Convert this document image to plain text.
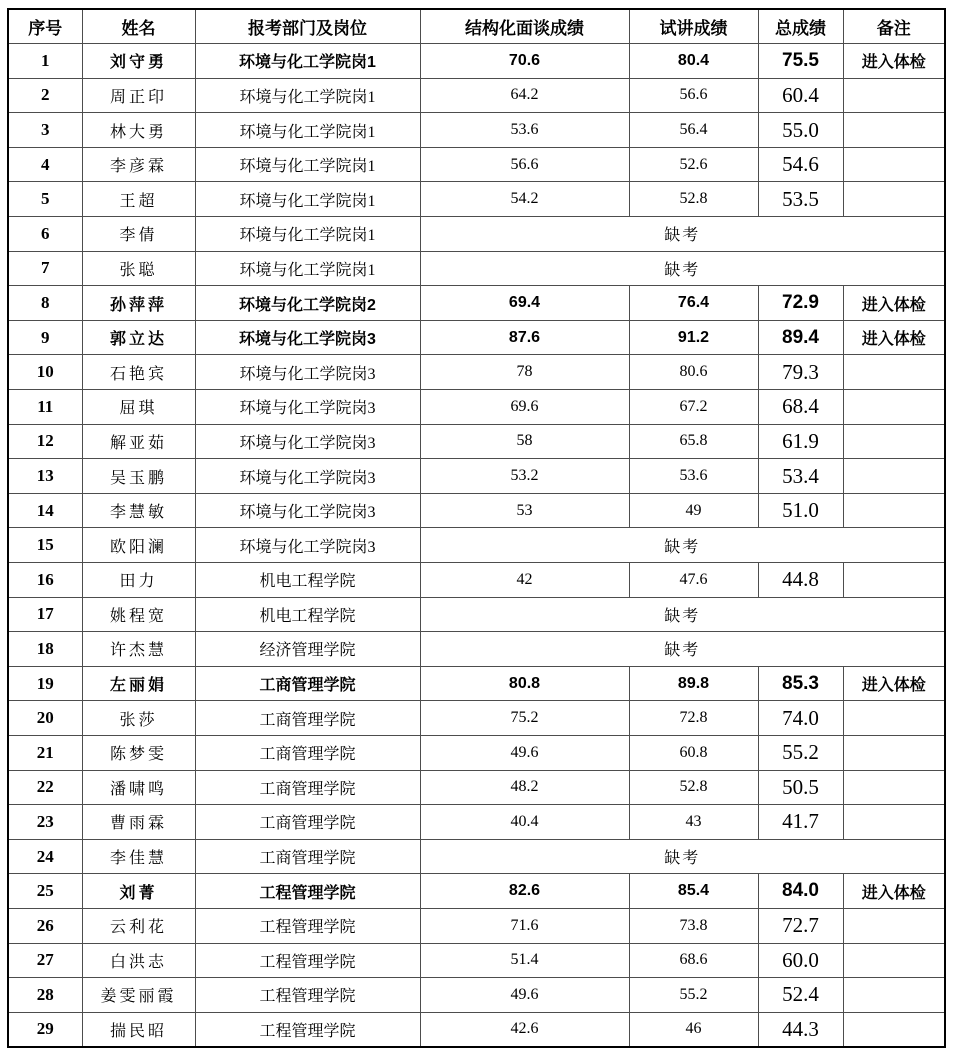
序号	姓名	报考部门及岗位	结构化面谈成绩	试讲成绩	总成绩	备注
1	刘守勇	环境与化工学院岗1	70.6	80.4	75.5	进入体检
2	周正印	环境与化工学院岗1	64.2	56.6	60.4	
3	林大勇	环境与化工学院岗1	53.6	56.4	55.0	
4	李彦霖	环境与化工学院岗1	56.6	52.6	54.6	
5	王超	环境与化工学院岗1	54.2	52.8	53.5	
6	李倩	环境与化工学院岗1	缺考			
7	张聪	环境与化工学院岗1	缺考			
8	孙萍萍	环境与化工学院岗2	69.4	76.4	72.9	进入体检
9	郭立达	环境与化工学院岗3	87.6	91.2	89.4	进入体检
10	石艳宾	环境与化工学院岗3	78	80.6	79.3	
11	屈琪	环境与化工学院岗3	69.6	67.2	68.4	
12	解亚茹	环境与化工学院岗3	58	65.8	61.9	
13	吴玉鹏	环境与化工学院岗3	53.2	53.6	53.4	
14	李慧敏	环境与化工学院岗3	53	49	51.0	
15	欧阳澜	环境与化工学院岗3	缺考			
16	田力	机电工程学院	42	47.6	44.8	
17	姚程宽	机电工程学院	缺考			
18	许杰慧	经济管理学院	缺考			
19	左丽娟	工商管理学院	80.8	89.8	85.3	进入体检
20	张莎	工商管理学院	75.2	72.8	74.0	
21	陈梦雯	工商管理学院	49.6	60.8	55.2	
22	潘啸鸣	工商管理学院	48.2	52.8	50.5	
23	曹雨霖	工商管理学院	40.4	43	41.7	
24	李佳慧	工商管理学院	缺考			
25	刘菁	工程管理学院	82.6	85.4	84.0	进入体检
26	云利花	工程管理学院	71.6	73.8	72.7	
27	白洪志	工程管理学院	51.4	68.6	60.0	
28	姜雯丽霞	工程管理学院	49.6	55.2	52.4	
29	揣民昭	工程管理学院	42.6	46	44.3	
